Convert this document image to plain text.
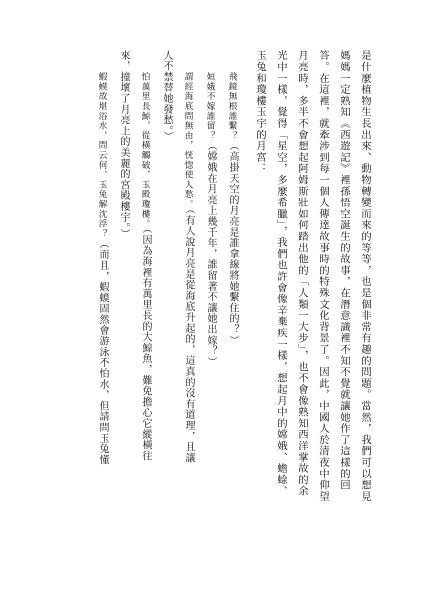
是什麼植物生長出來、動物轉變而來的等等，也是個非常有趣的問題。當然，我們可以想見
媽媽一定熟知《西遊記》裡孫悟空誕生的故事，在潛意識裡不知不覺就讓她作了這樣的回
答。在這裡，就牽涉到每一個人傳達故事時的特殊文化背景了。因此，中國人於清夜中仰望
月亮時，多半不會想起阿姆斯壯如何踏出他的「人類一大步」，也不會像熟知西洋掌故的余
光中一樣，覺得「星空，多麼希臘」，我們也許會像辛棄疾一樣，想起月中的嫦娥、蟾蜍、
玉兔和瓊樓玉宇的月宮：
飛鏡無根誰繫？（高掛天空的月亮是誰拿線將她繫住的？）
姮娥不嫁誰留？（嫦娥在月亮上幾千年，誰留著不讓她出嫁？）
謂經海底問無由，恍惚使人愁。（有人說月亮是從海底升起的，這真的沒有道理，且讓
人不禁替她發愁。）
怕萬里長鯨，從橫觸破，玉殿瓊樓。（因為海裡有萬里長的大鯨魚，難免擔心它縱橫往
來，撞壞了月亮上的美麗的宮殿樓宇。）
蝦蟆故堪浴水，問云何、玉兔解沈浮？（而且，蝦蟆固然會游泳不怕水，但請問玉兔懂
